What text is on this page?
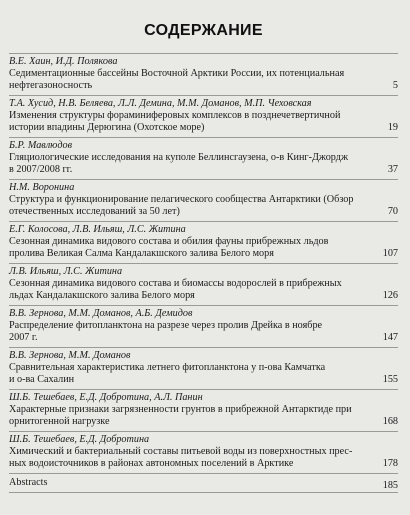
СОДЕРЖАНИЕ
В.Е. Хаин, И.Д. Полякова
Седиментационные бассейны Восточной Арктики России, их потенциальная
нефтегазоносность	5
Т.А. Хусид, Н.В. Беляева, Л.Л. Демина, М.М. Доманов, М.П. Чеховская
Изменения структуры фораминиферовых комплексов в позднечетвертичной
истории впадины Дерюгина (Охотское море)	19
Б.Р. Мавлюдов
Гляциологические исследования на куполе Беллинсгаузена, о-в Кинг-Джордж
в 2007/2008 гг.	37
Н.М. Воронина
Структура и функционирование пелагического сообщества Антарктики (Обзор
отечественных исследований за 50 лет)	70
Е.Г. Колосова, Л.В. Ильяш, Л.С. Житина
Сезонная динамика видового состава и обилия фауны прибрежных льдов
пролива Великая Салма Кандалакшского залива Белого моря	107
Л.В. Ильяш, Л.С. Житина
Сезонная динамика видового состава и биомассы водорослей в прибрежных
льдах Кандалакшского залива Белого моря	126
В.В. Зернова, М.М. Доманов, А.Б. Демидов
Распределение фитопланктона на разрезе через пролив Дрейка в ноябре
2007 г.	147
В.В. Зернова, М.М. Доманов
Сравнительная характеристика летнего фитопланктона у п-ова Камчатка
и о-ва Сахалин	155
Ш.Б. Тешебаев, Е.Д. Добротина, А.Л. Панин
Характерные признаки загрязненности грунтов в прибрежной Антарктиде при
орнитогенной нагрузке	168
Ш.Б. Тешебаев, Е.Д. Добротина
Химический и бактериальный составы питьевой воды из поверхностных прес-
ных водоисточников в районах автономных поселений в Арктике	178
Abstracts	185
